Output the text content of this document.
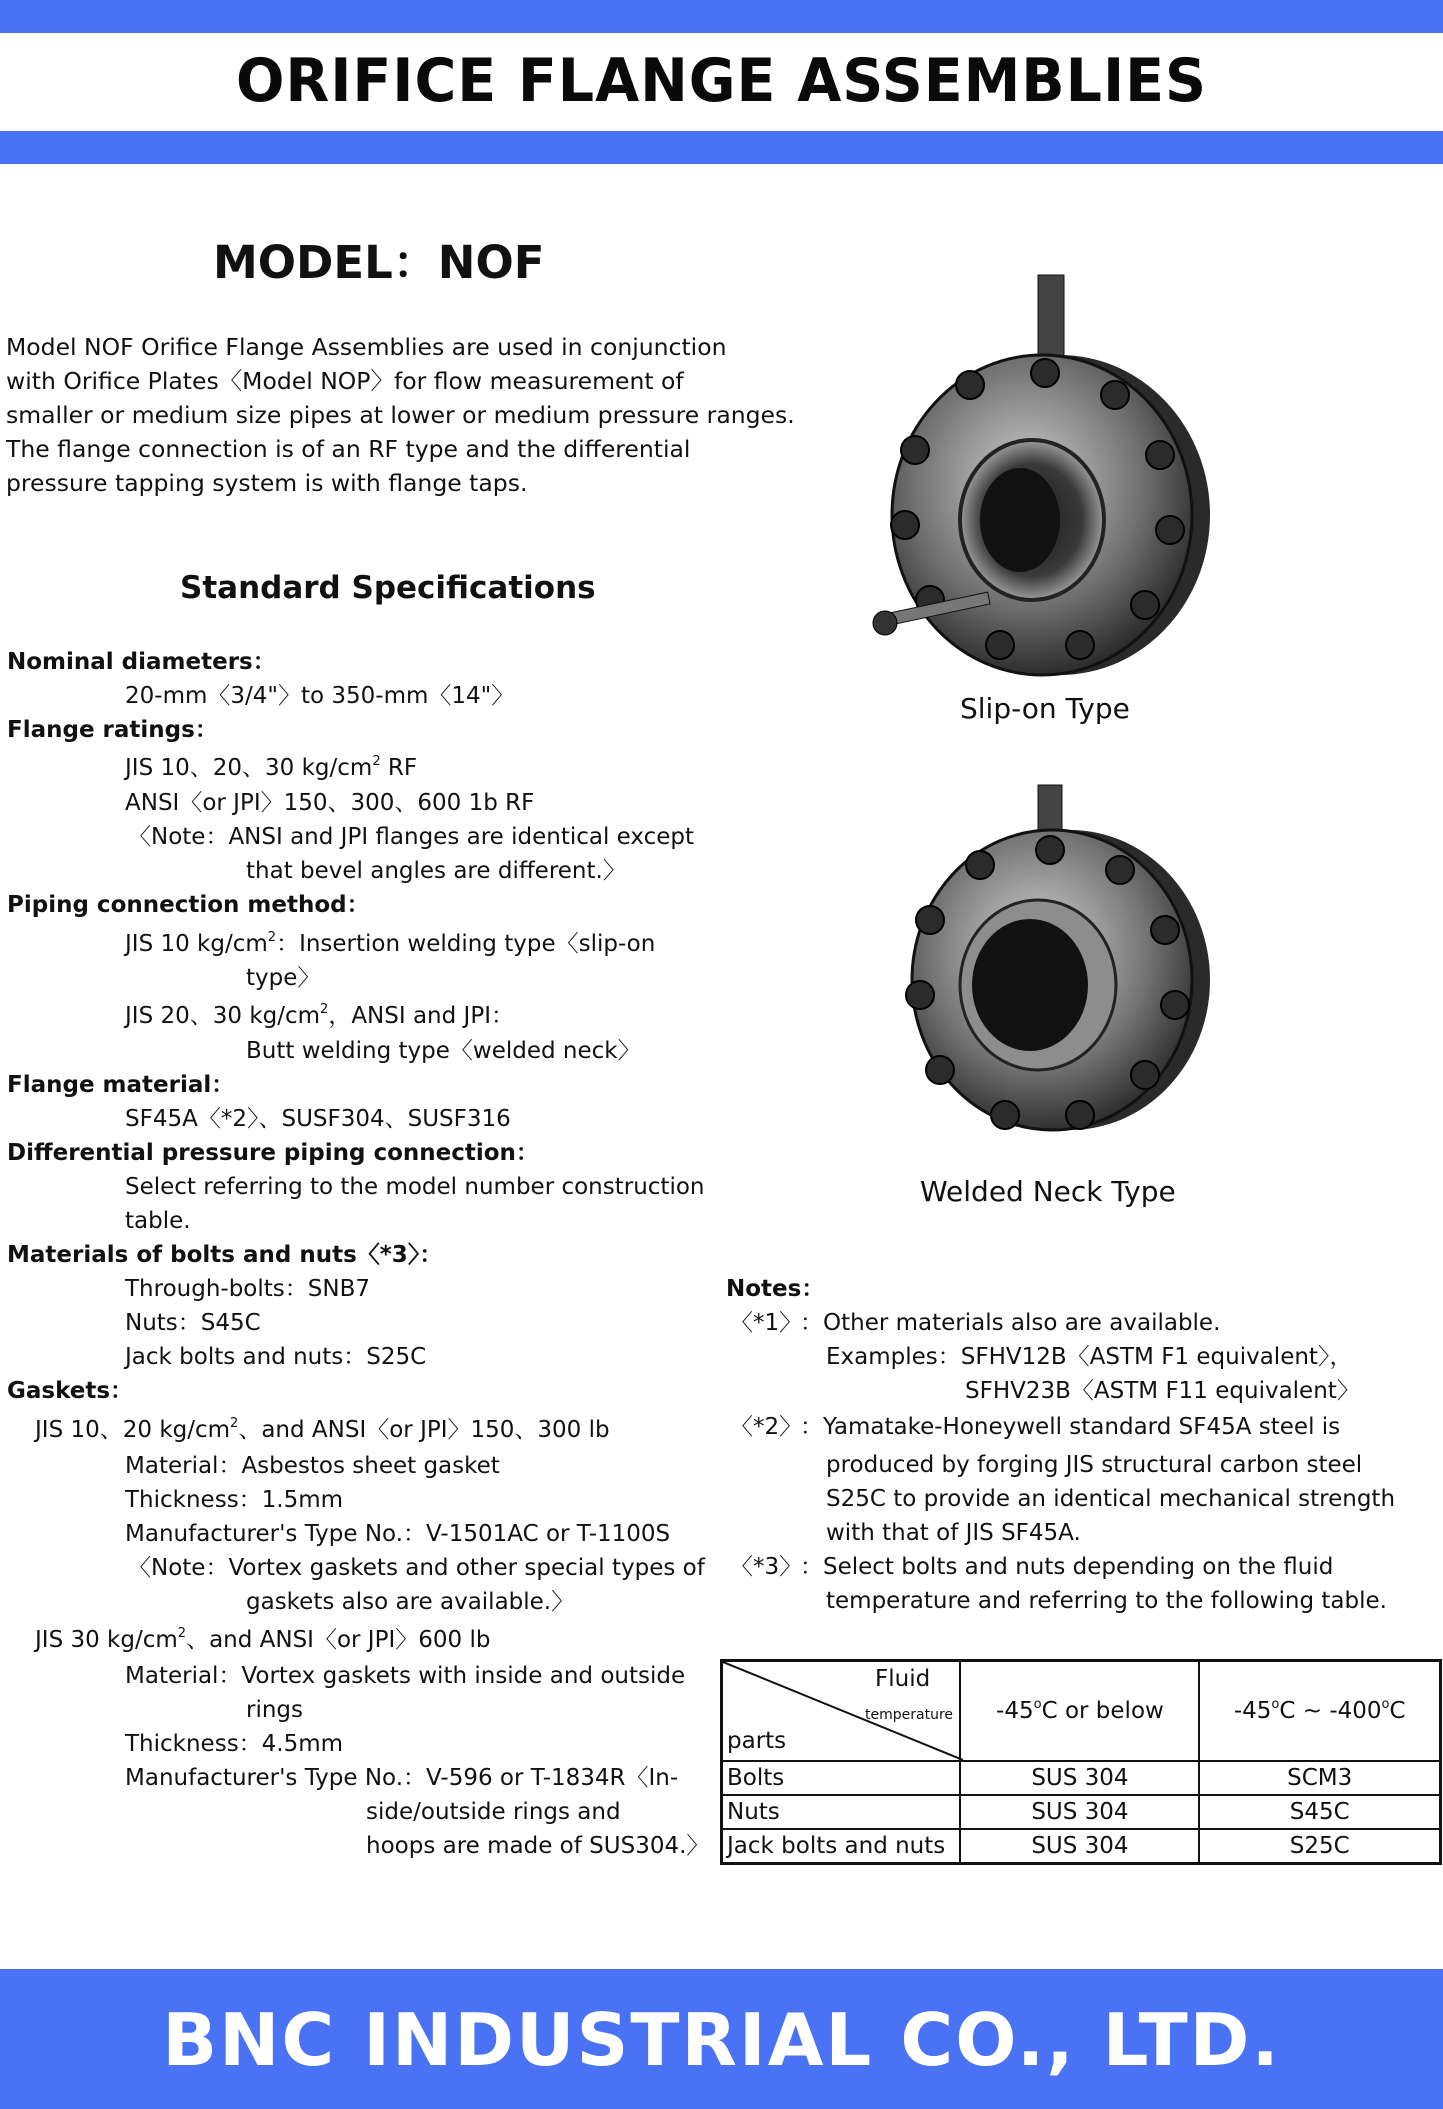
ORIFICE FLANGE ASSEMBLIES
MODEL：NOF
Model NOF Orifice Flange Assemblies are used in conjunction
with Orifice Plates〈Model NOP〉for flow measurement of
smaller or medium size pipes at lower or medium pressure ranges.
The flange connection is of an RF type and the differential
pressure tapping system is with flange taps.
Standard Specifications
Nominal diameters：
20-mm〈3/4"〉to 350-mm〈14"〉
Flange ratings：
JIS 10、20、30 $kg/cm^2$ RF
ANSI〈or JPI〉150、300、600 1b RF
〈Note：ANSI and JPI flanges are identical except
that bevel angles are different.〉
Piping connection method：
JIS 10 $kg/cm^2$：Insertion welding type〈slip-on
type〉
JIS 20、30 $kg/cm^2$，ANSI and JPI：
Butt welding type〈welded neck〉
Flange material：
SF45A〈*2〉、SUSF304、SUSF316
Differential pressure piping connection：
Select referring to the model number construction
table.
Materials of bolts and nuts〈*3〉：
Through-bolts：SNB7
Nuts：S45C
Jack bolts and nuts：S25C
Gaskets：
JIS 10、20 $kg/cm^2$、and ANSI〈or JPI〉150、300 lb
Material：Asbestos sheet gasket
Thickness：1.5mm
Manufacturer's Type No.：V-1501AC or T-1100S
〈Note：Vortex gaskets and other special types of
gaskets also are available.〉
JIS 30 $kg/cm^2$、and ANSI〈or JPI〉600 lb
Material：Vortex gaskets with inside and outside
rings
Thickness：4.5mm
Manufacturer's Type No.：V-596 or T-1834R〈In-
side/outside rings and
hoops are made of SUS304.〉
Slip-on Type
Welded Neck Type
Notes：
〈*1〉
：Other materials also are available.
Examples：SFHV12B〈ASTM F1 equivalent〉，
SFHV23B〈ASTM F11 equivalent〉
〈*2〉
：Yamatake-Honeywell standard SF45A steel is
produced by forging JIS structural carbon steel
S25C to provide an identical mechanical strength
with that of JIS SF45A.
〈*3〉
：Select bolts and nuts depending on the fluid
temperature and referring to the following table.
Fluid
temperature
parts	-45$^o$C or below	-45$^o$C ~ -400$^o$C
Bolts	SUS 304	SCM3
Nuts	SUS 304	S45C
Jack bolts and nuts	SUS 304	S25C
BNC INDUSTRIAL CO., LTD.
